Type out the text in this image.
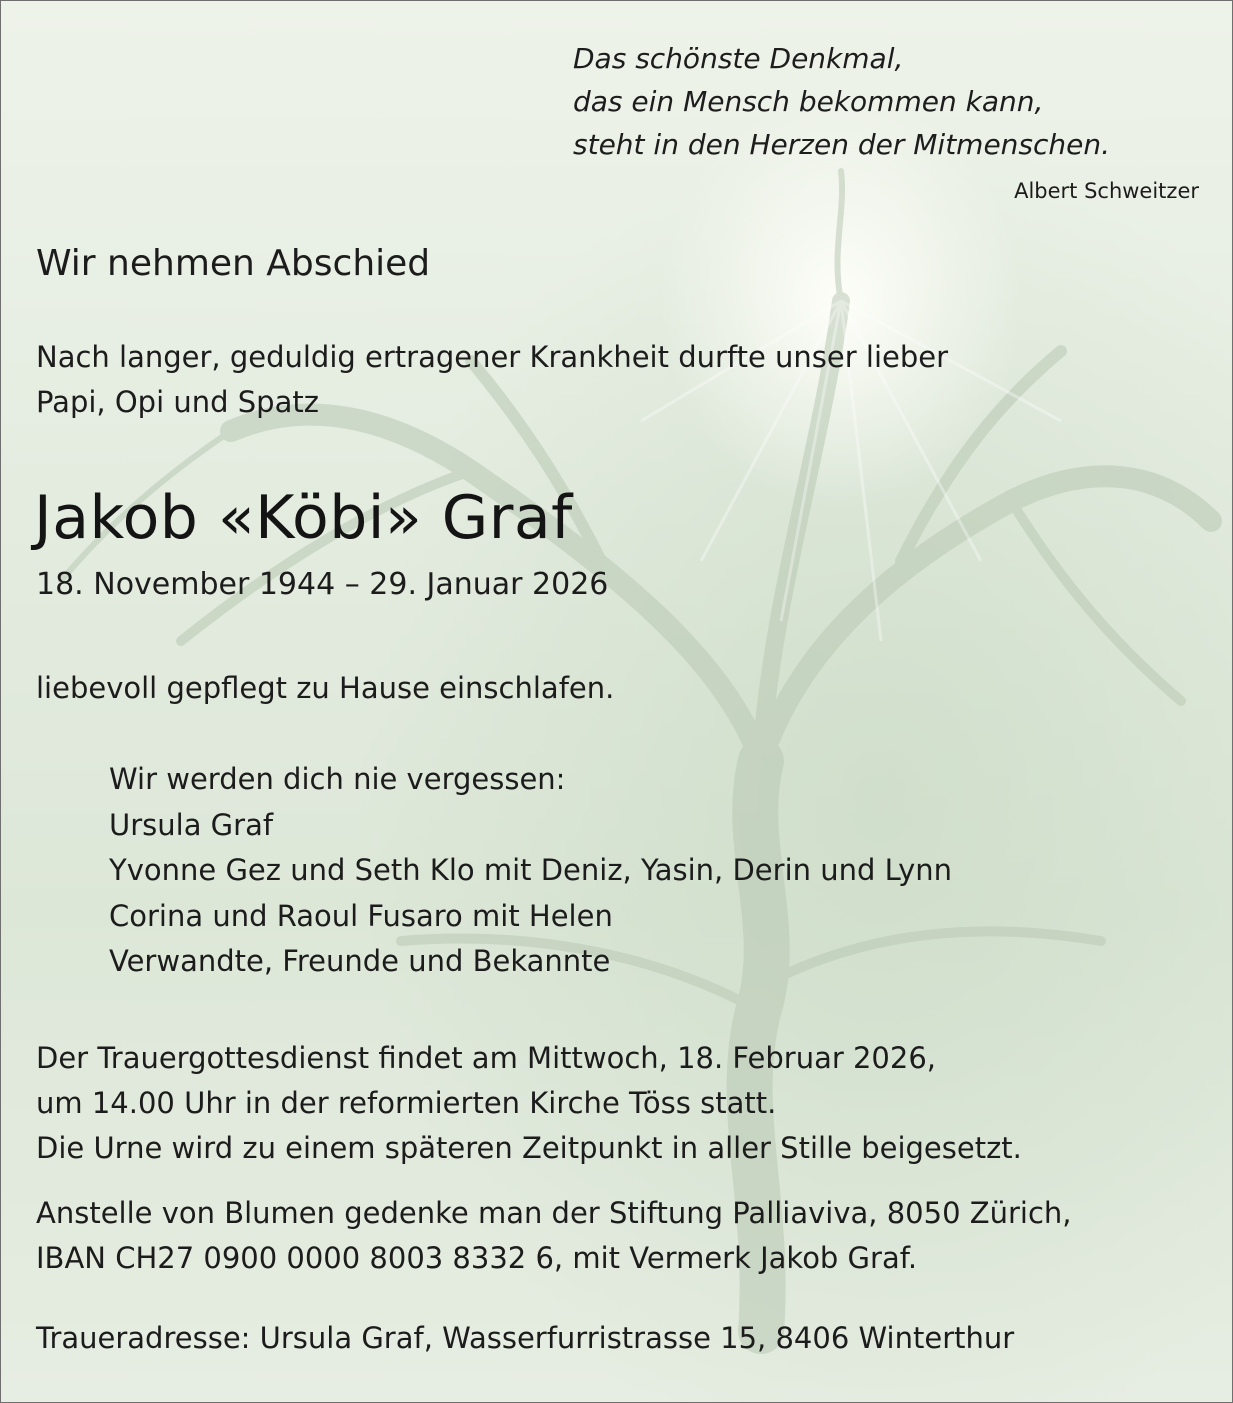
Das schönste Denkmal,
das ein Mensch bekommen kann,
steht in den Herzen der Mitmenschen.
Albert Schweitzer
Wir nehmen Abschied
Nach langer, geduldig ertragener Krankheit durfte unser lieber
Papi, Opi und Spatz
Jakob «Köbi» Graf
18. November 1944 – 29. Januar 2026
liebevoll gepflegt zu Hause einschlafen.
Wir werden dich nie vergessen:
Ursula Graf
Yvonne Gez und Seth Klo mit Deniz, Yasin, Derin und Lynn
Corina und Raoul Fusaro mit Helen
Verwandte, Freunde und Bekannte
Der Trauergottesdienst findet am Mittwoch, 18. Februar 2026,
um 14.00 Uhr in der reformierten Kirche Töss statt.
Die Urne wird zu einem späteren Zeitpunkt in aller Stille beigesetzt.
Anstelle von Blumen gedenke man der Stiftung Palliaviva, 8050 Zürich,
IBAN CH27 0900 0000 8003 8332 6, mit Vermerk Jakob Graf.
Traueradresse: Ursula Graf, Wasserfurristrasse 15, 8406 Winterthur
